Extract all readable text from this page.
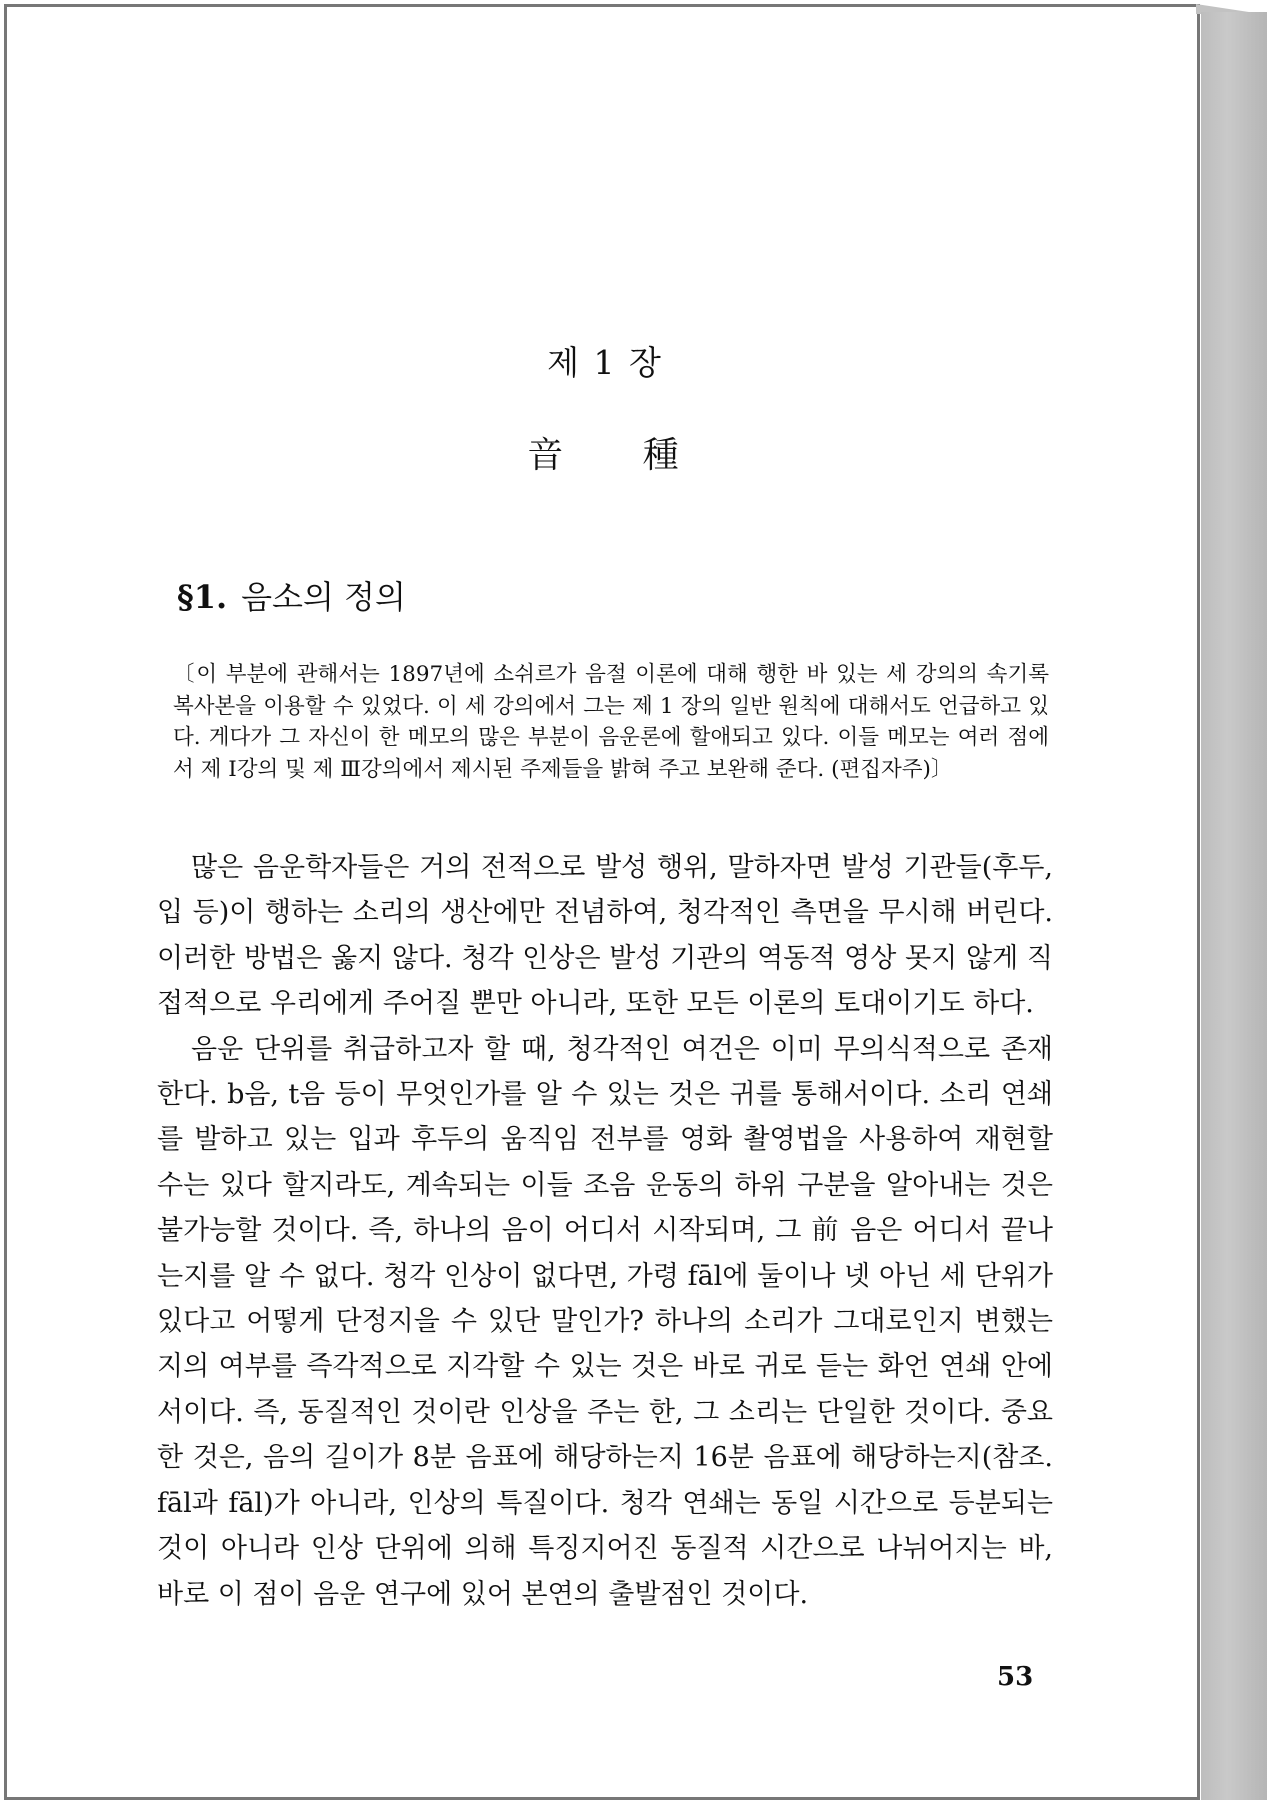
제 1 장
音 種
§1. 음소의 정의

〔이 부분에 관해서는 1897년에 소쉬르가 음절 이론에 대해 행한 바 있는 세 강의의 속기록 복사본을 이용할 수 있었다. 이 세 강의에서 그는 제 1 장의 일반 원칙에 대해서도 언급하고 있다. 게다가 그 자신이 한 메모의 많은 부분이 음운론에 할애되고 있다. 이들 메모는 여러 점에서 제 Ⅰ강의 및 제 Ⅲ강의에서 제시된 주제들을 밝혀 주고 보완해 준다. (편집자주)〕

많은 음운학자들은 거의 전적으로 발성 행위, 말하자면 발성 기관들(후두, 입 등)이 행하는 소리의 생산에만 전념하여, 청각적인 측면을 무시해 버린다. 이러한 방법은 옳지 않다. 청각 인상은 발성 기관의 역동적 영상 못지 않게 직접적으로 우리에게 주어질 뿐만 아니라, 또한 모든 이론의 토대이기도 하다.

음운 단위를 취급하고자 할 때, 청각적인 여건은 이미 무의식적으로 존재한다. b음, t음 등이 무엇인가를 알 수 있는 것은 귀를 통해서이다. 소리 연쇄를 발하고 있는 입과 후두의 움직임 전부를 영화 촬영법을 사용하여 재현할 수는 있다 할지라도, 계속되는 이들 조음 운동의 하위 구분을 알아내는 것은 불가능할 것이다. 즉, 하나의 음이 어디서 시작되며, 그 前 음은 어디서 끝나는지를 알 수 없다. 청각 인상이 없다면, 가령 fāl에 둘이나 넷 아닌 세 단위가 있다고 어떻게 단정지을 수 있단 말인가? 하나의 소리가 그대로인지 변했는지의 여부를 즉각적으로 지각할 수 있는 것은 바로 귀로 듣는 화언 연쇄 안에서이다. 즉, 동질적인 것이란 인상을 주는 한, 그 소리는 단일한 것이다. 중요한 것은, 음의 길이가 8분 음표에 해당하는지 16분 음표에 해당하는지(참조. fāl과 fāl)가 아니라, 인상의 특질이다. 청각 연쇄는 동일 시간으로 등분되는 것이 아니라 인상 단위에 의해 특징지어진 동질적 시간으로 나뉘어지는 바, 바로 이 점이 음운 연구에 있어 본연의 출발점인 것이다.

53
